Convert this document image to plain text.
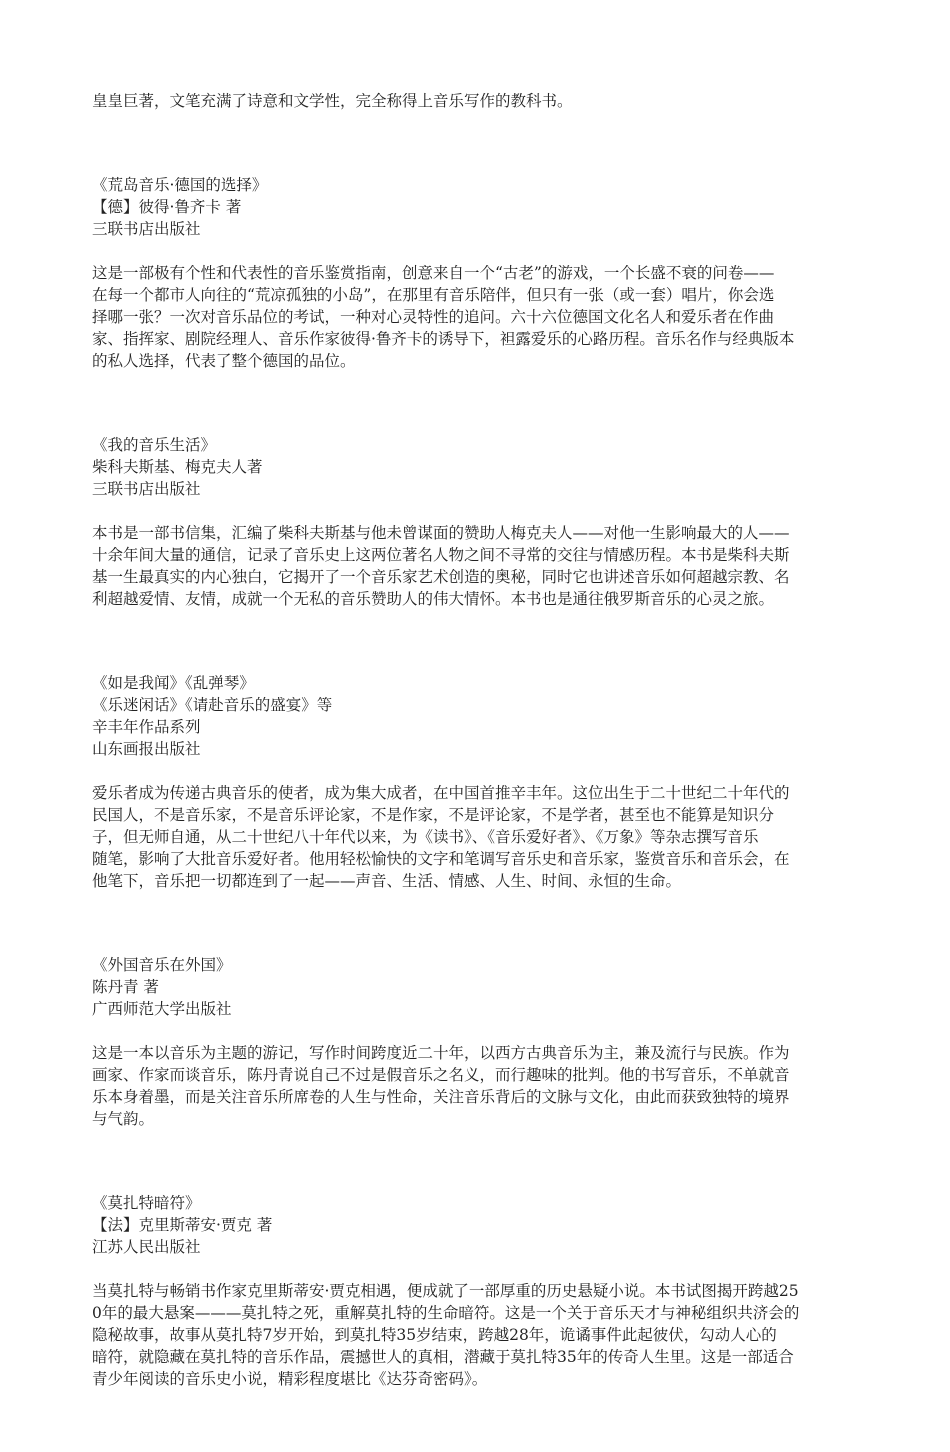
皇皇巨著，文笔充满了诗意和文学性，完全称得上音乐写作的教科书。
《荒岛音乐·德国的选择》
【德】彼得·鲁齐卡 著
三联书店出版社
这是一部极有个性和代表性的音乐鉴赏指南，创意来自一个“古老”的游戏，一个长盛不衰的问卷——
在每一个都市人向往的“荒凉孤独的小岛”，在那里有音乐陪伴，但只有一张（或一套）唱片，你会选
择哪一张？一次对音乐品位的考试，一种对心灵特性的追问。六十六位德国文化名人和爱乐者在作曲
家、指挥家、剧院经理人、音乐作家彼得·鲁齐卡的诱导下，袒露爱乐的心路历程。音乐名作与经典版本
的私人选择，代表了整个德国的品位。
《我的音乐生活》
柴科夫斯基、梅克夫人著
三联书店出版社
本书是一部书信集，汇编了柴科夫斯基与他未曾谋面的赞助人梅克夫人——对他一生影响最大的人——
十余年间大量的通信，记录了音乐史上这两位著名人物之间不寻常的交往与情感历程。本书是柴科夫斯
基一生最真实的内心独白，它揭开了一个音乐家艺术创造的奥秘，同时它也讲述音乐如何超越宗教、名
利超越爱情、友情，成就一个无私的音乐赞助人的伟大情怀。本书也是通往俄罗斯音乐的心灵之旅。
《如是我闻》《乱弹琴》
《乐迷闲话》《请赴音乐的盛宴》等
辛丰年作品系列
山东画报出版社
爱乐者成为传递古典音乐的使者，成为集大成者，在中国首推辛丰年。这位出生于二十世纪二十年代的
民国人，不是音乐家，不是音乐评论家，不是作家，不是评论家，不是学者，甚至也不能算是知识分
子，但无师自通，从二十世纪八十年代以来，为《读书》、《音乐爱好者》、《万象》等杂志撰写音乐
随笔，影响了大批音乐爱好者。他用轻松愉快的文字和笔调写音乐史和音乐家，鉴赏音乐和音乐会，在
他笔下，音乐把一切都连到了一起——声音、生活、情感、人生、时间、永恒的生命。
《外国音乐在外国》
陈丹青 著
广西师范大学出版社
这是一本以音乐为主题的游记，写作时间跨度近二十年，以西方古典音乐为主，兼及流行与民族。作为
画家、作家而谈音乐，陈丹青说自己不过是假音乐之名义，而行趣味的批判。他的书写音乐，不单就音
乐本身着墨，而是关注音乐所席卷的人生与性命，关注音乐背后的文脉与文化，由此而获致独特的境界
与气韵。
《莫扎特暗符》
【法】克里斯蒂安·贾克 著
江苏人民出版社
当莫扎特与畅销书作家克里斯蒂安·贾克相遇，便成就了一部厚重的历史悬疑小说。本书试图揭开跨越25
0年的最大悬案———莫扎特之死，重解莫扎特的生命暗符。这是一个关于音乐天才与神秘组织共济会的
隐秘故事，故事从莫扎特7岁开始，到莫扎特35岁结束，跨越28年，诡谲事件此起彼伏，勾动人心的
暗符，就隐藏在莫扎特的音乐作品，震撼世人的真相，潜藏于莫扎特35年的传奇人生里。这是一部适合
青少年阅读的音乐史小说，精彩程度堪比《达芬奇密码》。
